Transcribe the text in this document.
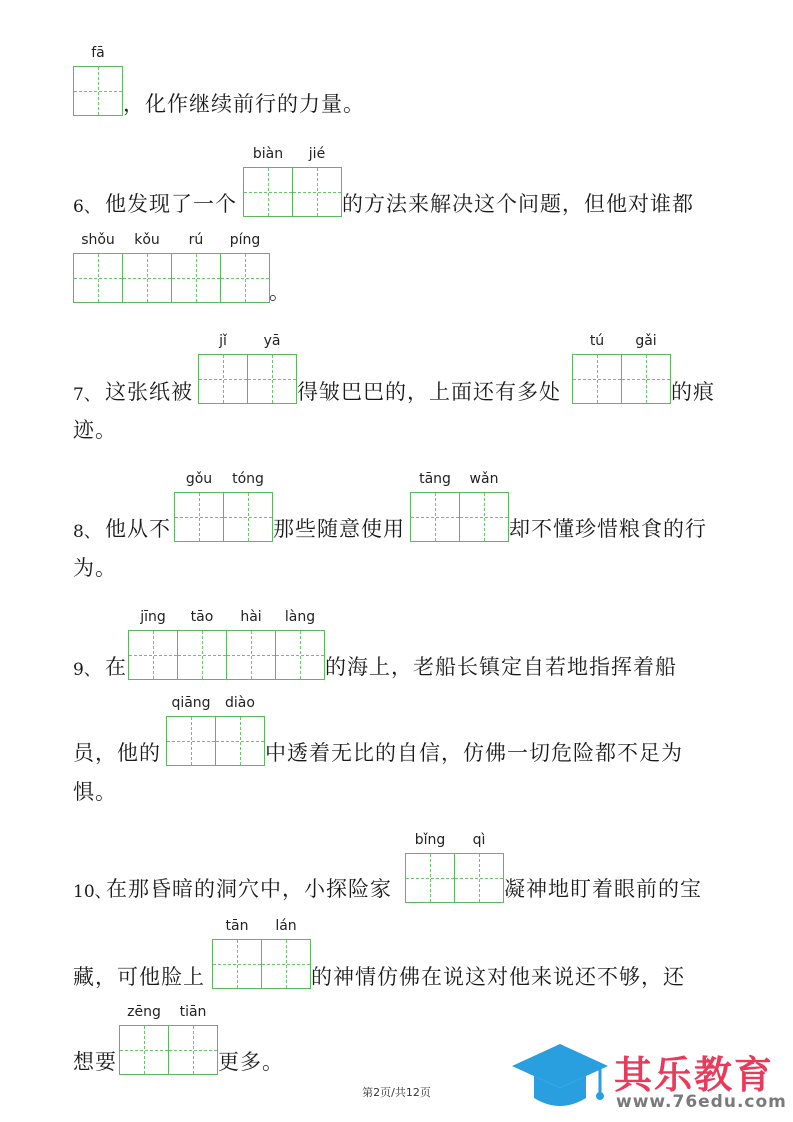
fā
，化作继续前行的力量。
6、 他发现了一个
biàn	jié
的方法来解决这个问题，但他对谁都
shǒu	kǒu	rú	píng
。
7、 这张纸被
jǐ	yā
得皱巴巴的，上面还有多处
tú	gǎi
的痕
迹。
8、 他从不
gǒu	tóng
那些随意使用
tāng	wǎn
却不懂珍惜粮食的行
为。
9、 在
jīng	tāo	hài	làng
的海上，老船长镇定自若地指挥着船
员，他的
qiāng	diào
中透着无比的自信，仿佛一切危险都不足为
惧。
10、
在那昏暗的洞穴中，小探险家
bǐng	qì
凝神地盯着眼前的宝
藏，可他脸上
tān	lán
的神情仿佛在说这对他来说还不够，还
想要
zēng	tiān
更多。
第2页/共12页	其乐教育
www.76edu.com
